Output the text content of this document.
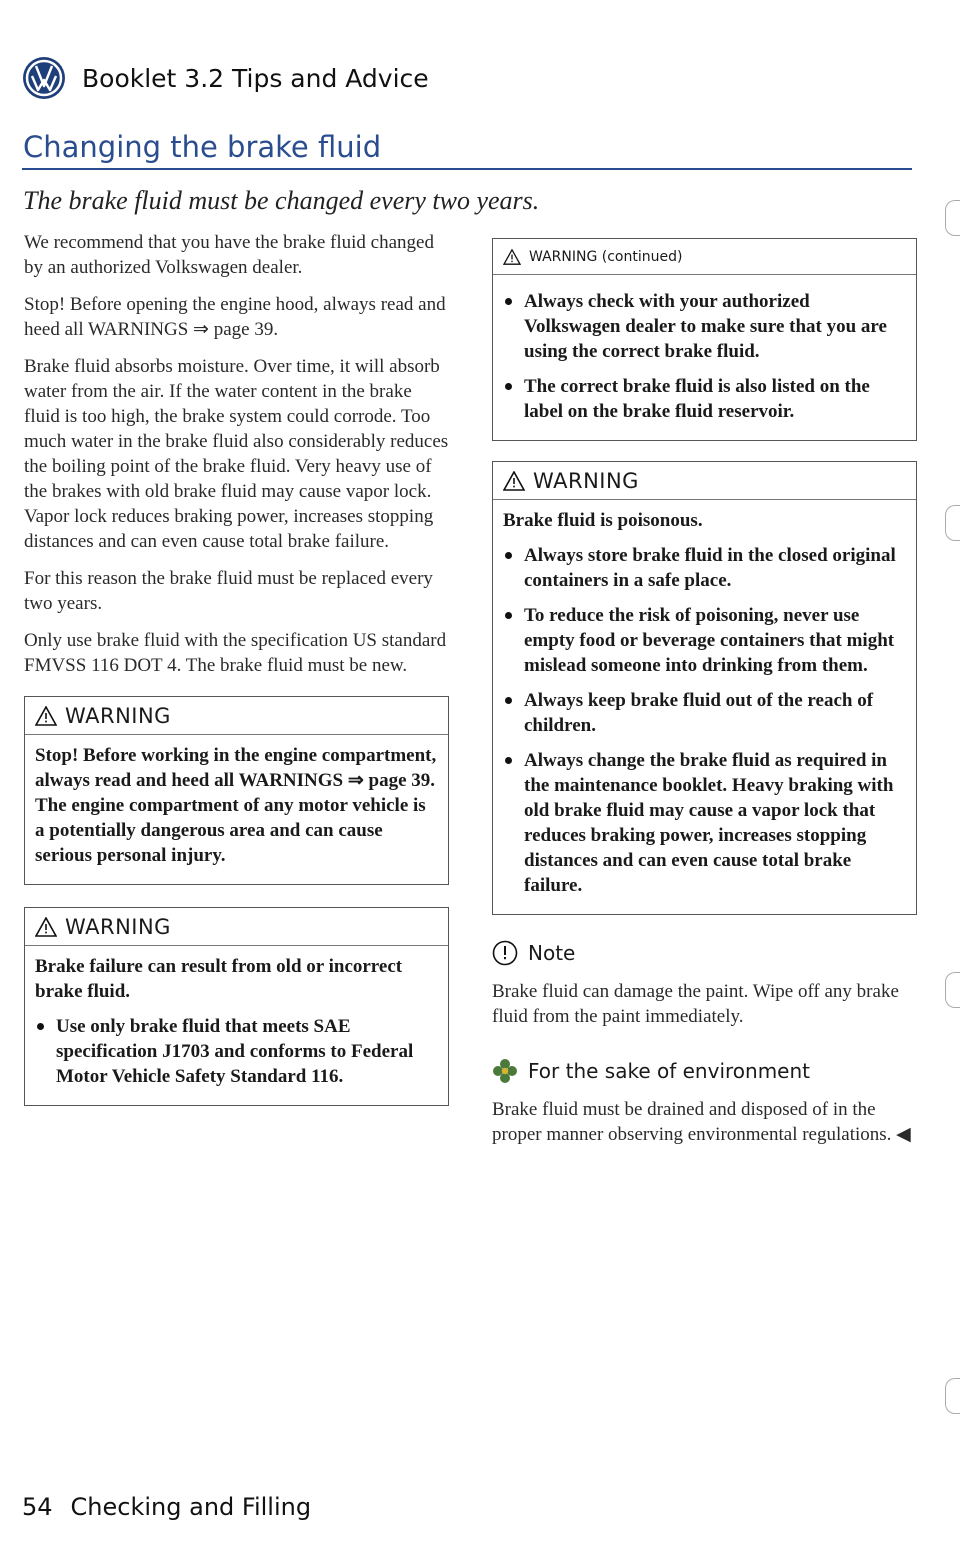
Booklet 3.2 Tips and Advice
Changing the brake fluid
The brake fluid must be changed every two years.

We recommend that you have the brake fluid changed by an authorized Volkswagen dealer.

Stop! Before opening the engine hood, always read and heed all WARNINGS ⇒ page 39.

Brake fluid absorbs moisture. Over time, it will absorb water from the air. If the water content in the brake fluid is too high, the brake system could corrode. Too much water in the brake fluid also considerably reduces the boiling point of the brake fluid. Very heavy use of the brakes with old brake fluid may cause vapor lock. Vapor lock reduces braking power, increases stopping distances and can even cause total brake failure.

For this reason the brake fluid must be replaced every two years.

Only use brake fluid with the specification US standard FMVSS 116 DOT 4. The brake fluid must be new.

WARNING

Stop! Before working in the engine compartment, always read and heed all WARNINGS ⇒ page 39. The engine compartment of any motor vehicle is a potentially dangerous area and can cause serious personal injury.

WARNING

Brake failure can result from old or incorrect brake fluid.

Use only brake fluid that meets SAE specification J1703 and conforms to Federal Motor Vehicle Safety Standard 116.

WARNING (continued)

Always check with your authorized Volkswagen dealer to make sure that you are using the correct brake fluid.

The correct brake fluid is also listed on the label on the brake fluid reservoir.

WARNING

Brake fluid is poisonous.

Always store brake fluid in the closed original containers in a safe place.

To reduce the risk of poisoning, never use empty food or beverage containers that might mislead someone into drinking from them.

Always keep brake fluid out of the reach of children.

Always change the brake fluid as required in the maintenance booklet. Heavy braking with old brake fluid may cause a vapor lock that reduces braking power, increases stopping distances and can even cause total brake failure.

Note

Brake fluid can damage the paint. Wipe off any brake fluid from the paint immediately.

For the sake of environment

Brake fluid must be drained and disposed of in the proper manner observing environmental regulations. ◀

54 Checking and Filling
